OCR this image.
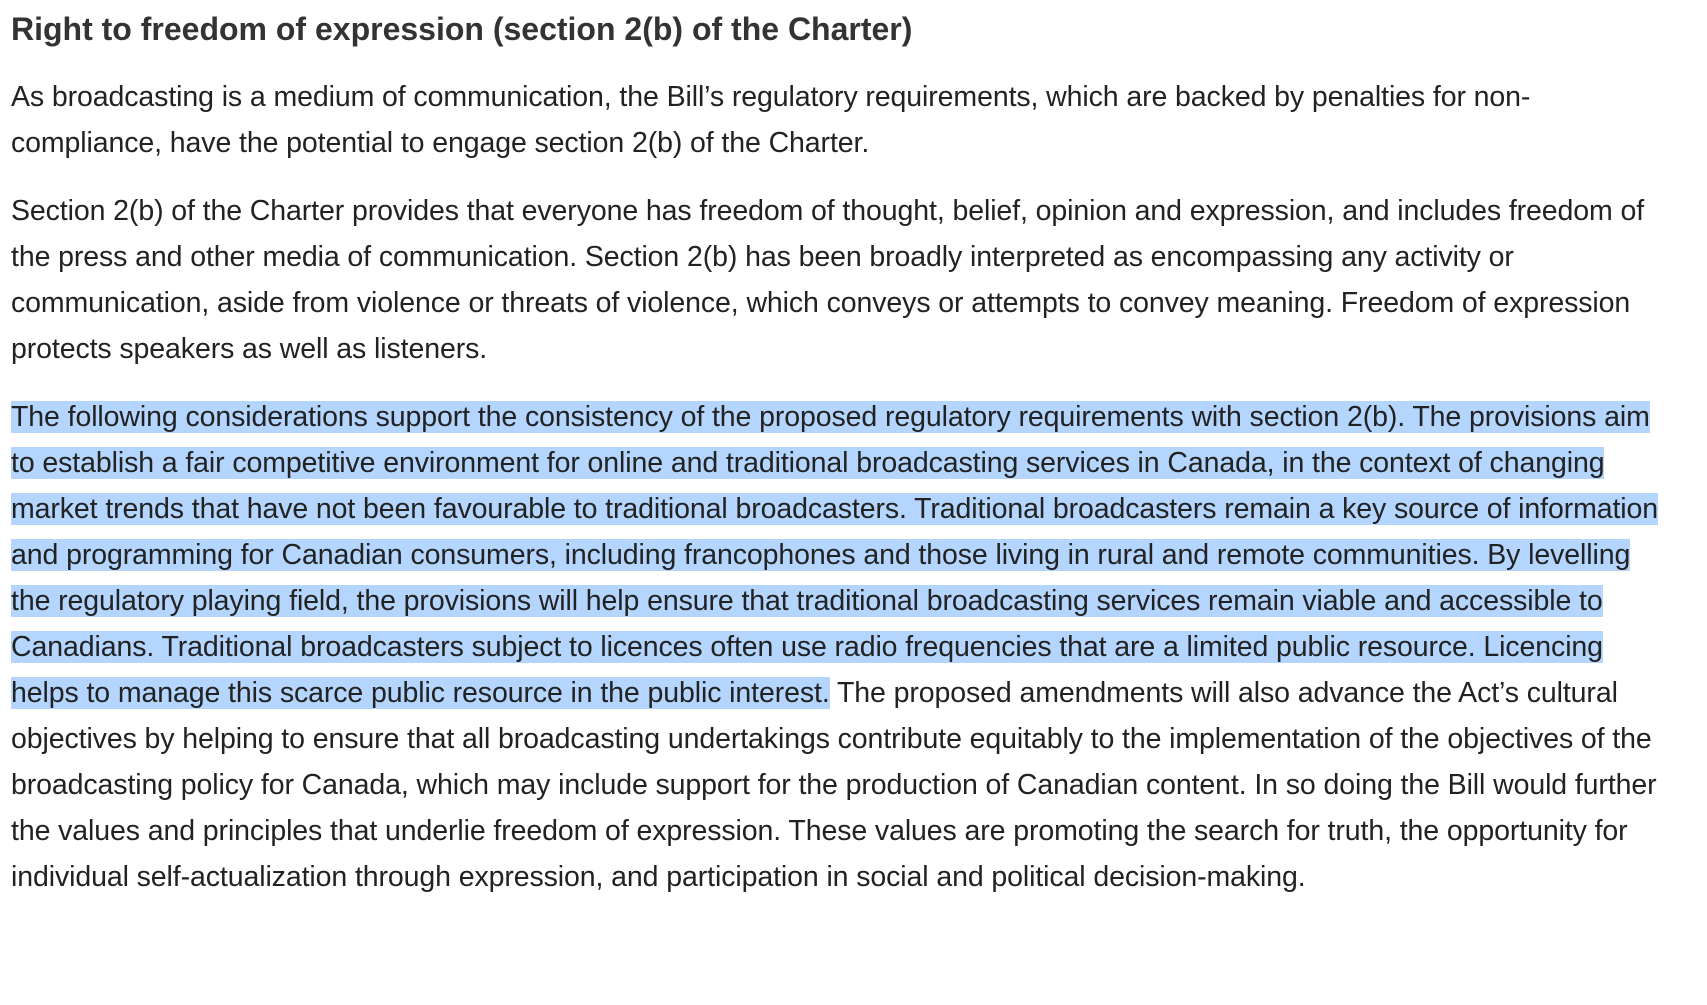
Right to freedom of expression (section 2(b) of the Charter)

As broadcasting is a medium of communication, the Bill’s regulatory requirements, which are backed by penalties for non-compliance, have the potential to engage section 2(b) of the Charter.

Section 2(b) of the Charter provides that everyone has freedom of thought, belief, opinion and expression, and includes freedom of the press and other media of communication. Section 2(b) has been broadly interpreted as encompassing any activity or communication, aside from violence or threats of violence, which conveys or attempts to convey meaning. Freedom of expression protects speakers as well as listeners.

The following considerations support the consistency of the proposed regulatory requirements with section 2(b). The provisions aim to establish a fair competitive environment for online and traditional broadcasting services in Canada, in the context of changing market trends that have not been favourable to traditional broadcasters. Traditional broadcasters remain a key source of information and programming for Canadian consumers, including francophones and those living in rural and remote communities. By levelling the regulatory playing field, the provisions will help ensure that traditional broadcasting services remain viable and accessible to Canadians. Traditional broadcasters subject to licences often use radio frequencies that are a limited public resource. Licencing helps to manage this scarce public resource in the public interest. The proposed amendments will also advance the Act’s cultural objectives by helping to ensure that all broadcasting undertakings contribute equitably to the implementation of the objectives of the broadcasting policy for Canada, which may include support for the production of Canadian content. In so doing the Bill would further the values and principles that underlie freedom of expression. These values are promoting the search for truth, the opportunity for individual self-actualization through expression, and participation in social and political decision-making.
